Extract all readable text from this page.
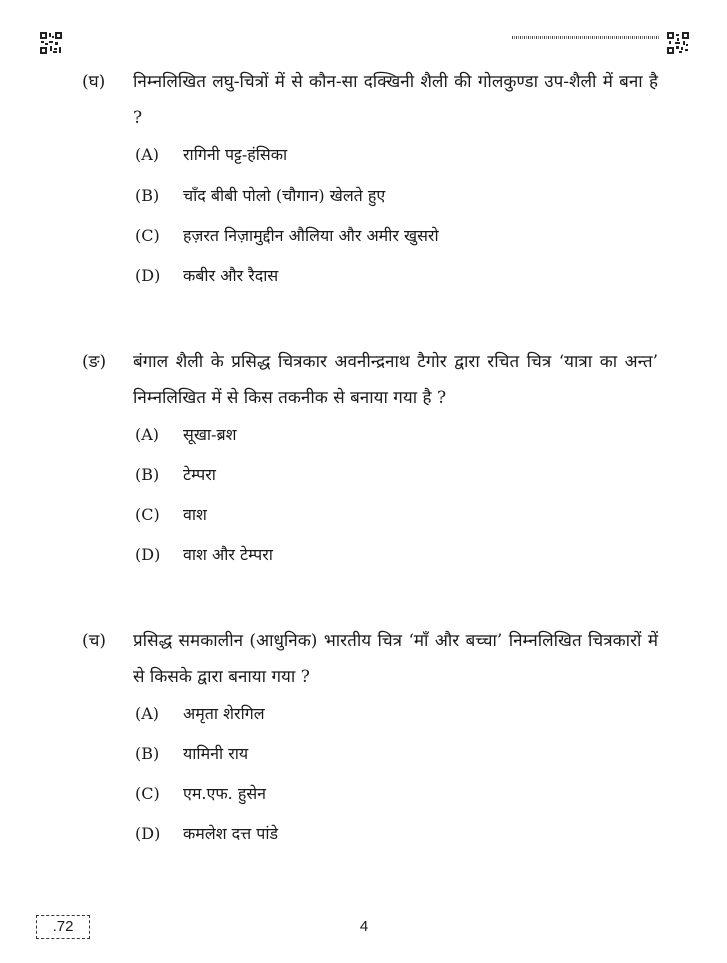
(घ) निम्नलिखित लघु-चित्रों में से कौन-सा दक्खिनी शैली की गोलकुण्डा उप-शैली में बना है ?
(A) रागिनी पट्ट-हंसिका
(B) चाँद बीबी पोलो (चौगान) खेलते हुए
(C) हज़रत निज़ामुद्दीन औलिया और अमीर खुसरो
(D) कबीर और रैदास
(ङ) बंगाल शैली के प्रसिद्ध चित्रकार अवनीन्द्रनाथ टैगोर द्वारा रचित चित्र ‘यात्रा का अन्त’ निम्नलिखित में से किस तकनीक से बनाया गया है ?
(A) सूखा-ब्रश
(B) टेम्परा
(C) वाश
(D) वाश और टेम्परा
(च) प्रसिद्ध समकालीन (आधुनिक) भारतीय चित्र ‘माँ और बच्चा’ निम्नलिखित चित्रकारों में से किसके द्वारा बनाया गया ?
(A) अमृता शेरगिल
(B) यामिनी राय
(C) एम.एफ. हुसेन
(D) कमलेश दत्त पांडे
.72	4
